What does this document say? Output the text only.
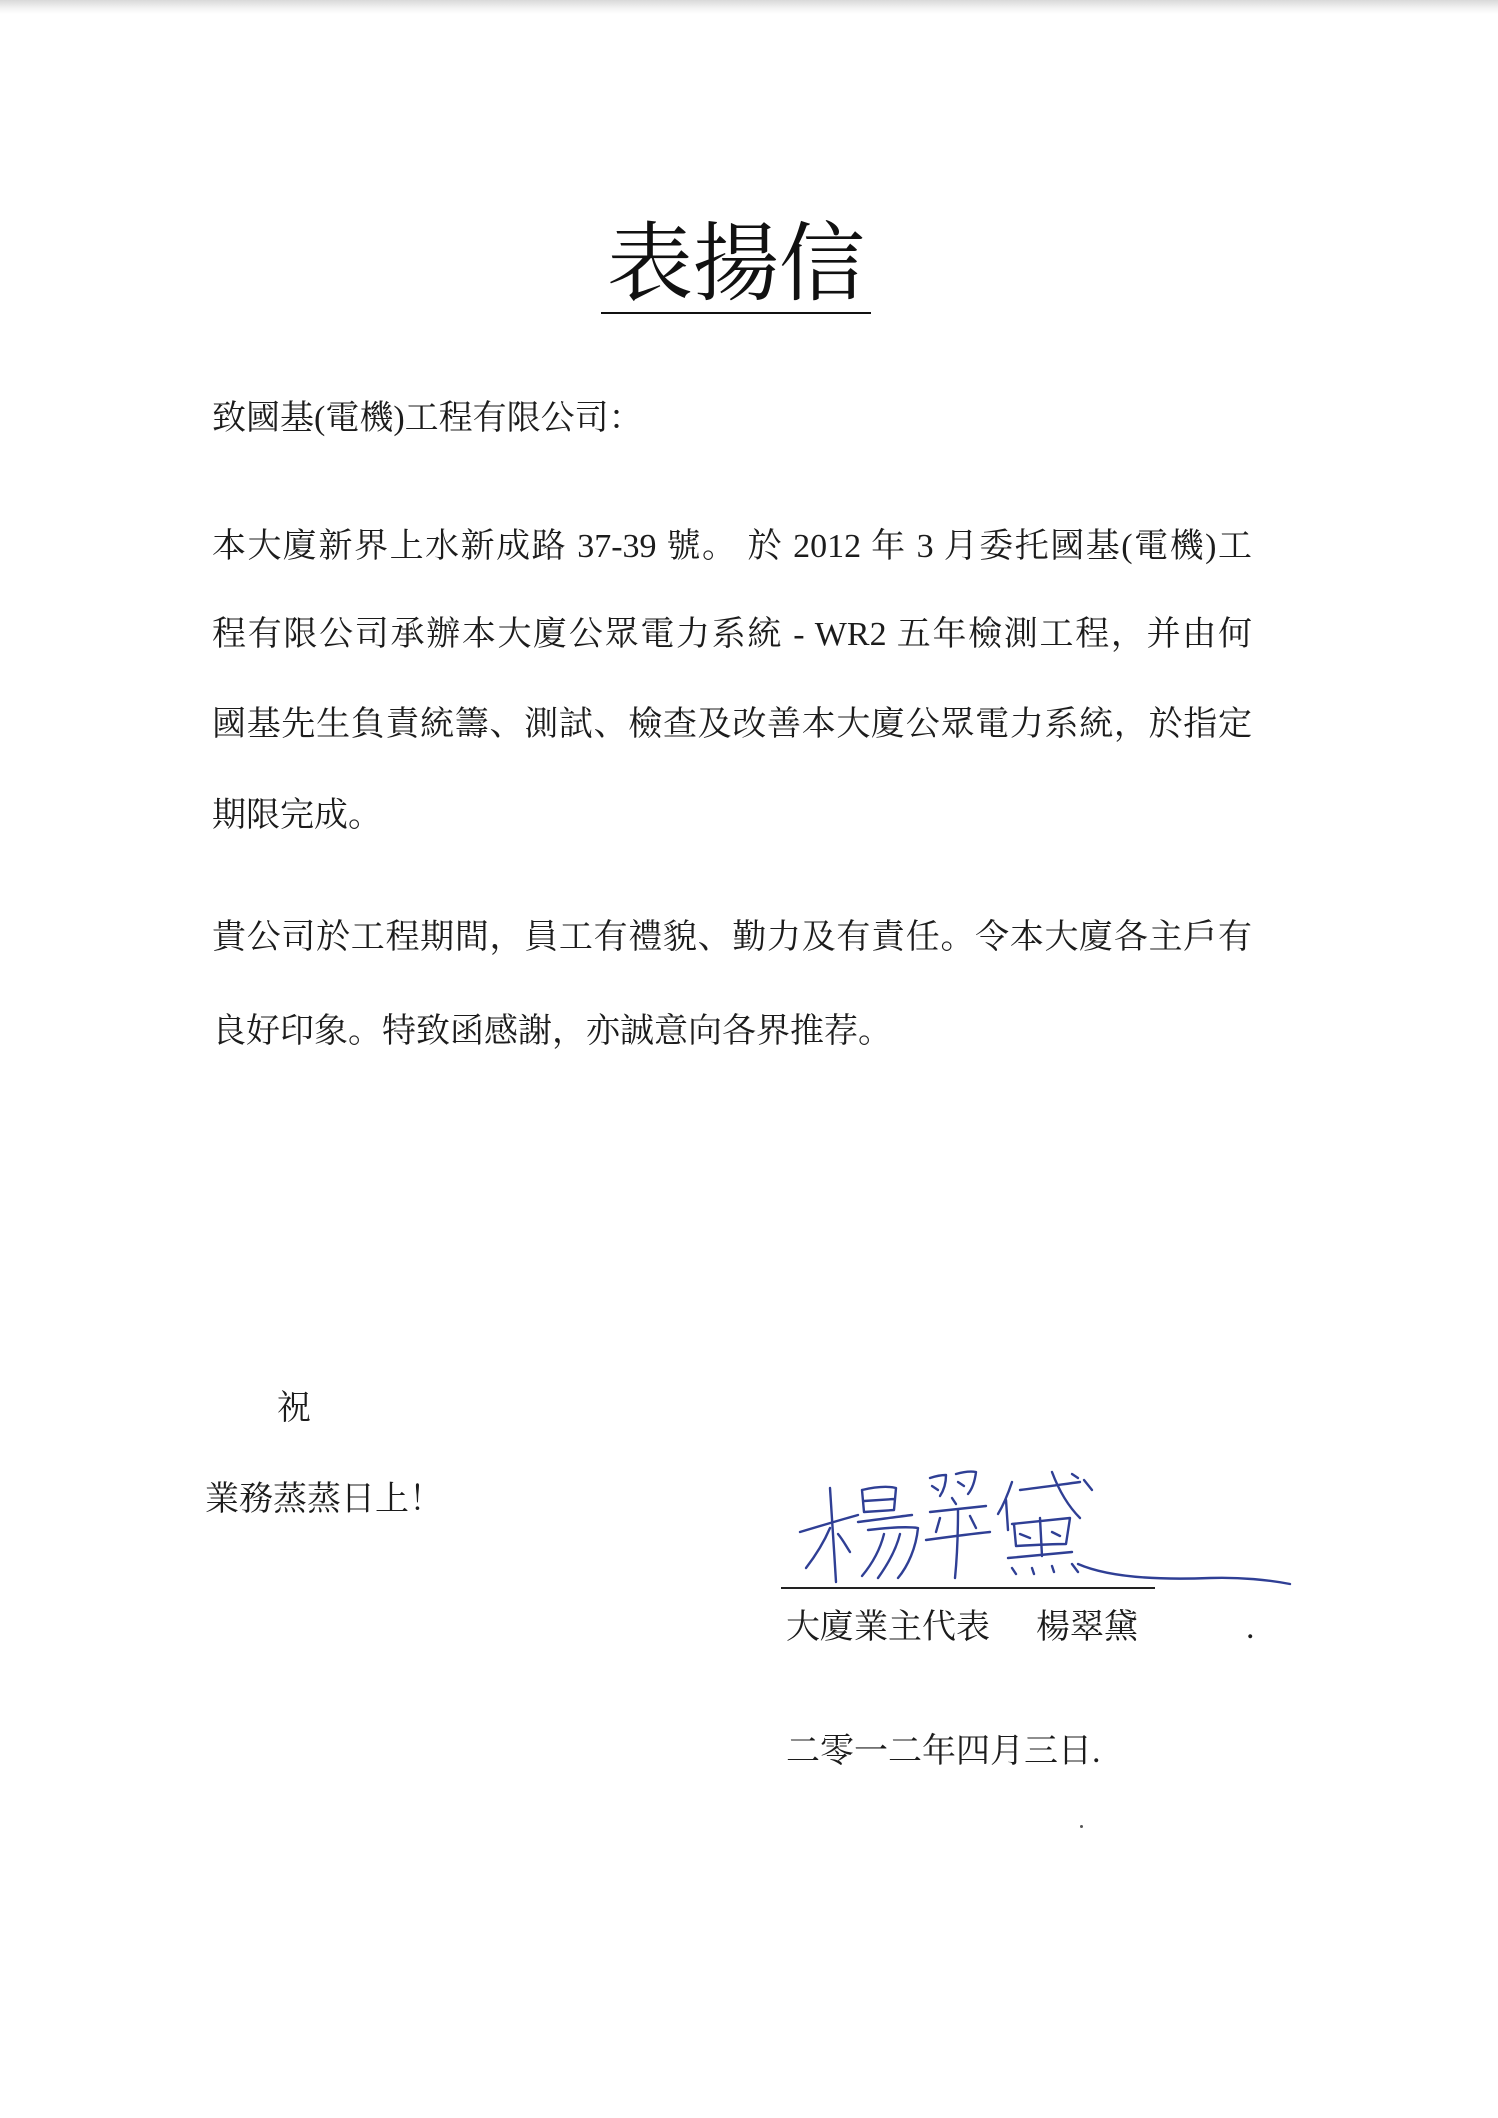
表揚信
致國基(電機)工程有限公司：
本大廈新界上水新成路 37-39 號。 於 2012 年 3 月委托國基(電機)工
程有限公司承辦本大廈公眾電力系統 - WR2 五年檢測工程，并由何
國基先生負責統籌、測試、檢查及改善本大廈公眾電力系統，於指定
期限完成。
貴公司於工程期間，員工有禮貌、勤力及有責任。令本大廈各主戶有
良好印象。特致函感謝，亦誠意向各界推荐。
祝
業務蒸蒸日上！
大廈業主代表 楊翠黛	.
二零一二年四月三日.
